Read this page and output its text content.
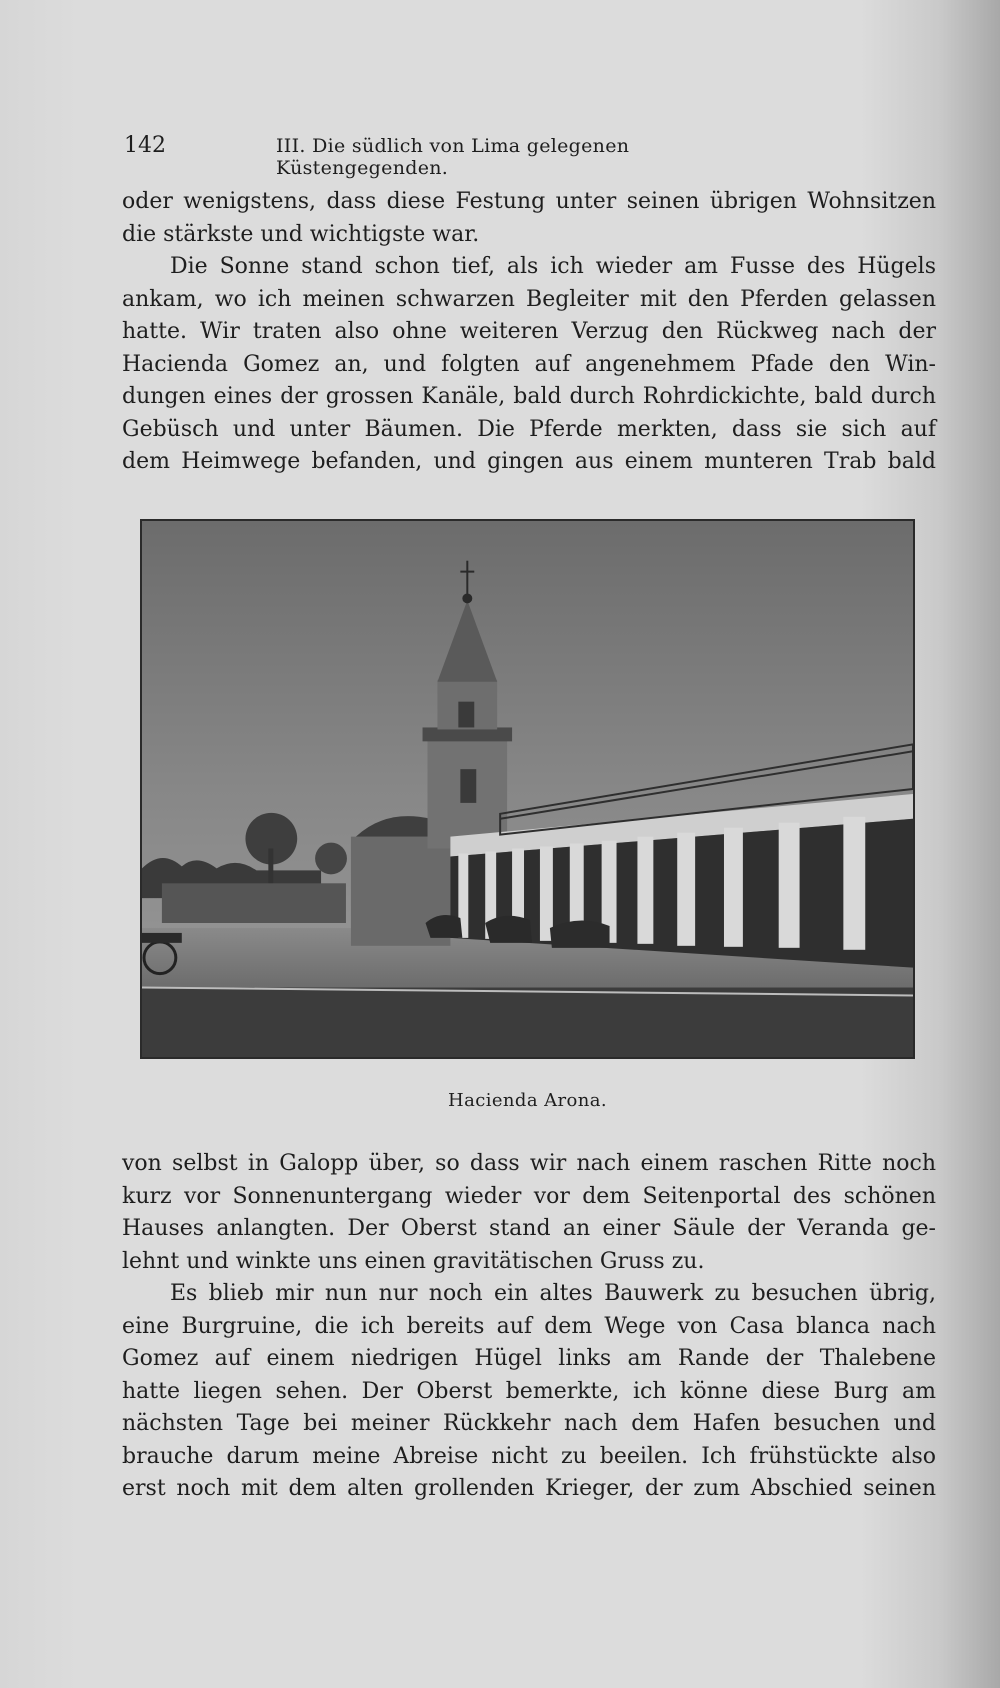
142	III. Die südlich von Lima gelegenen Küstengegenden.
oder wenigstens, dass diese Festung unter seinen übrigen Wohnsitzen
die stärkste und wichtigste war.
Die Sonne stand schon tief, als ich wieder am Fusse des Hügels
ankam, wo ich meinen schwarzen Begleiter mit den Pferden gelassen
hatte. Wir traten also ohne weiteren Verzug den Rückweg nach der
Hacienda Gomez an, und folgten auf angenehmem Pfade den Win-
dungen eines der grossen Kanäle, bald durch Rohrdickichte, bald durch
Gebüsch und unter Bäumen. Die Pferde merkten, dass sie sich auf
dem Heimwege befanden, und gingen aus einem munteren Trab bald
Hacienda Arona.
von selbst in Galopp über, so dass wir nach einem raschen Ritte noch
kurz vor Sonnenuntergang wieder vor dem Seitenportal des schönen
Hauses anlangten. Der Oberst stand an einer Säule der Veranda ge-
lehnt und winkte uns einen gravitätischen Gruss zu.
Es blieb mir nun nur noch ein altes Bauwerk zu besuchen übrig,
eine Burgruine, die ich bereits auf dem Wege von Casa blanca nach
Gomez auf einem niedrigen Hügel links am Rande der Thalebene
hatte liegen sehen. Der Oberst bemerkte, ich könne diese Burg am
nächsten Tage bei meiner Rückkehr nach dem Hafen besuchen und
brauche darum meine Abreise nicht zu beeilen. Ich frühstückte also
erst noch mit dem alten grollenden Krieger, der zum Abschied seinen
